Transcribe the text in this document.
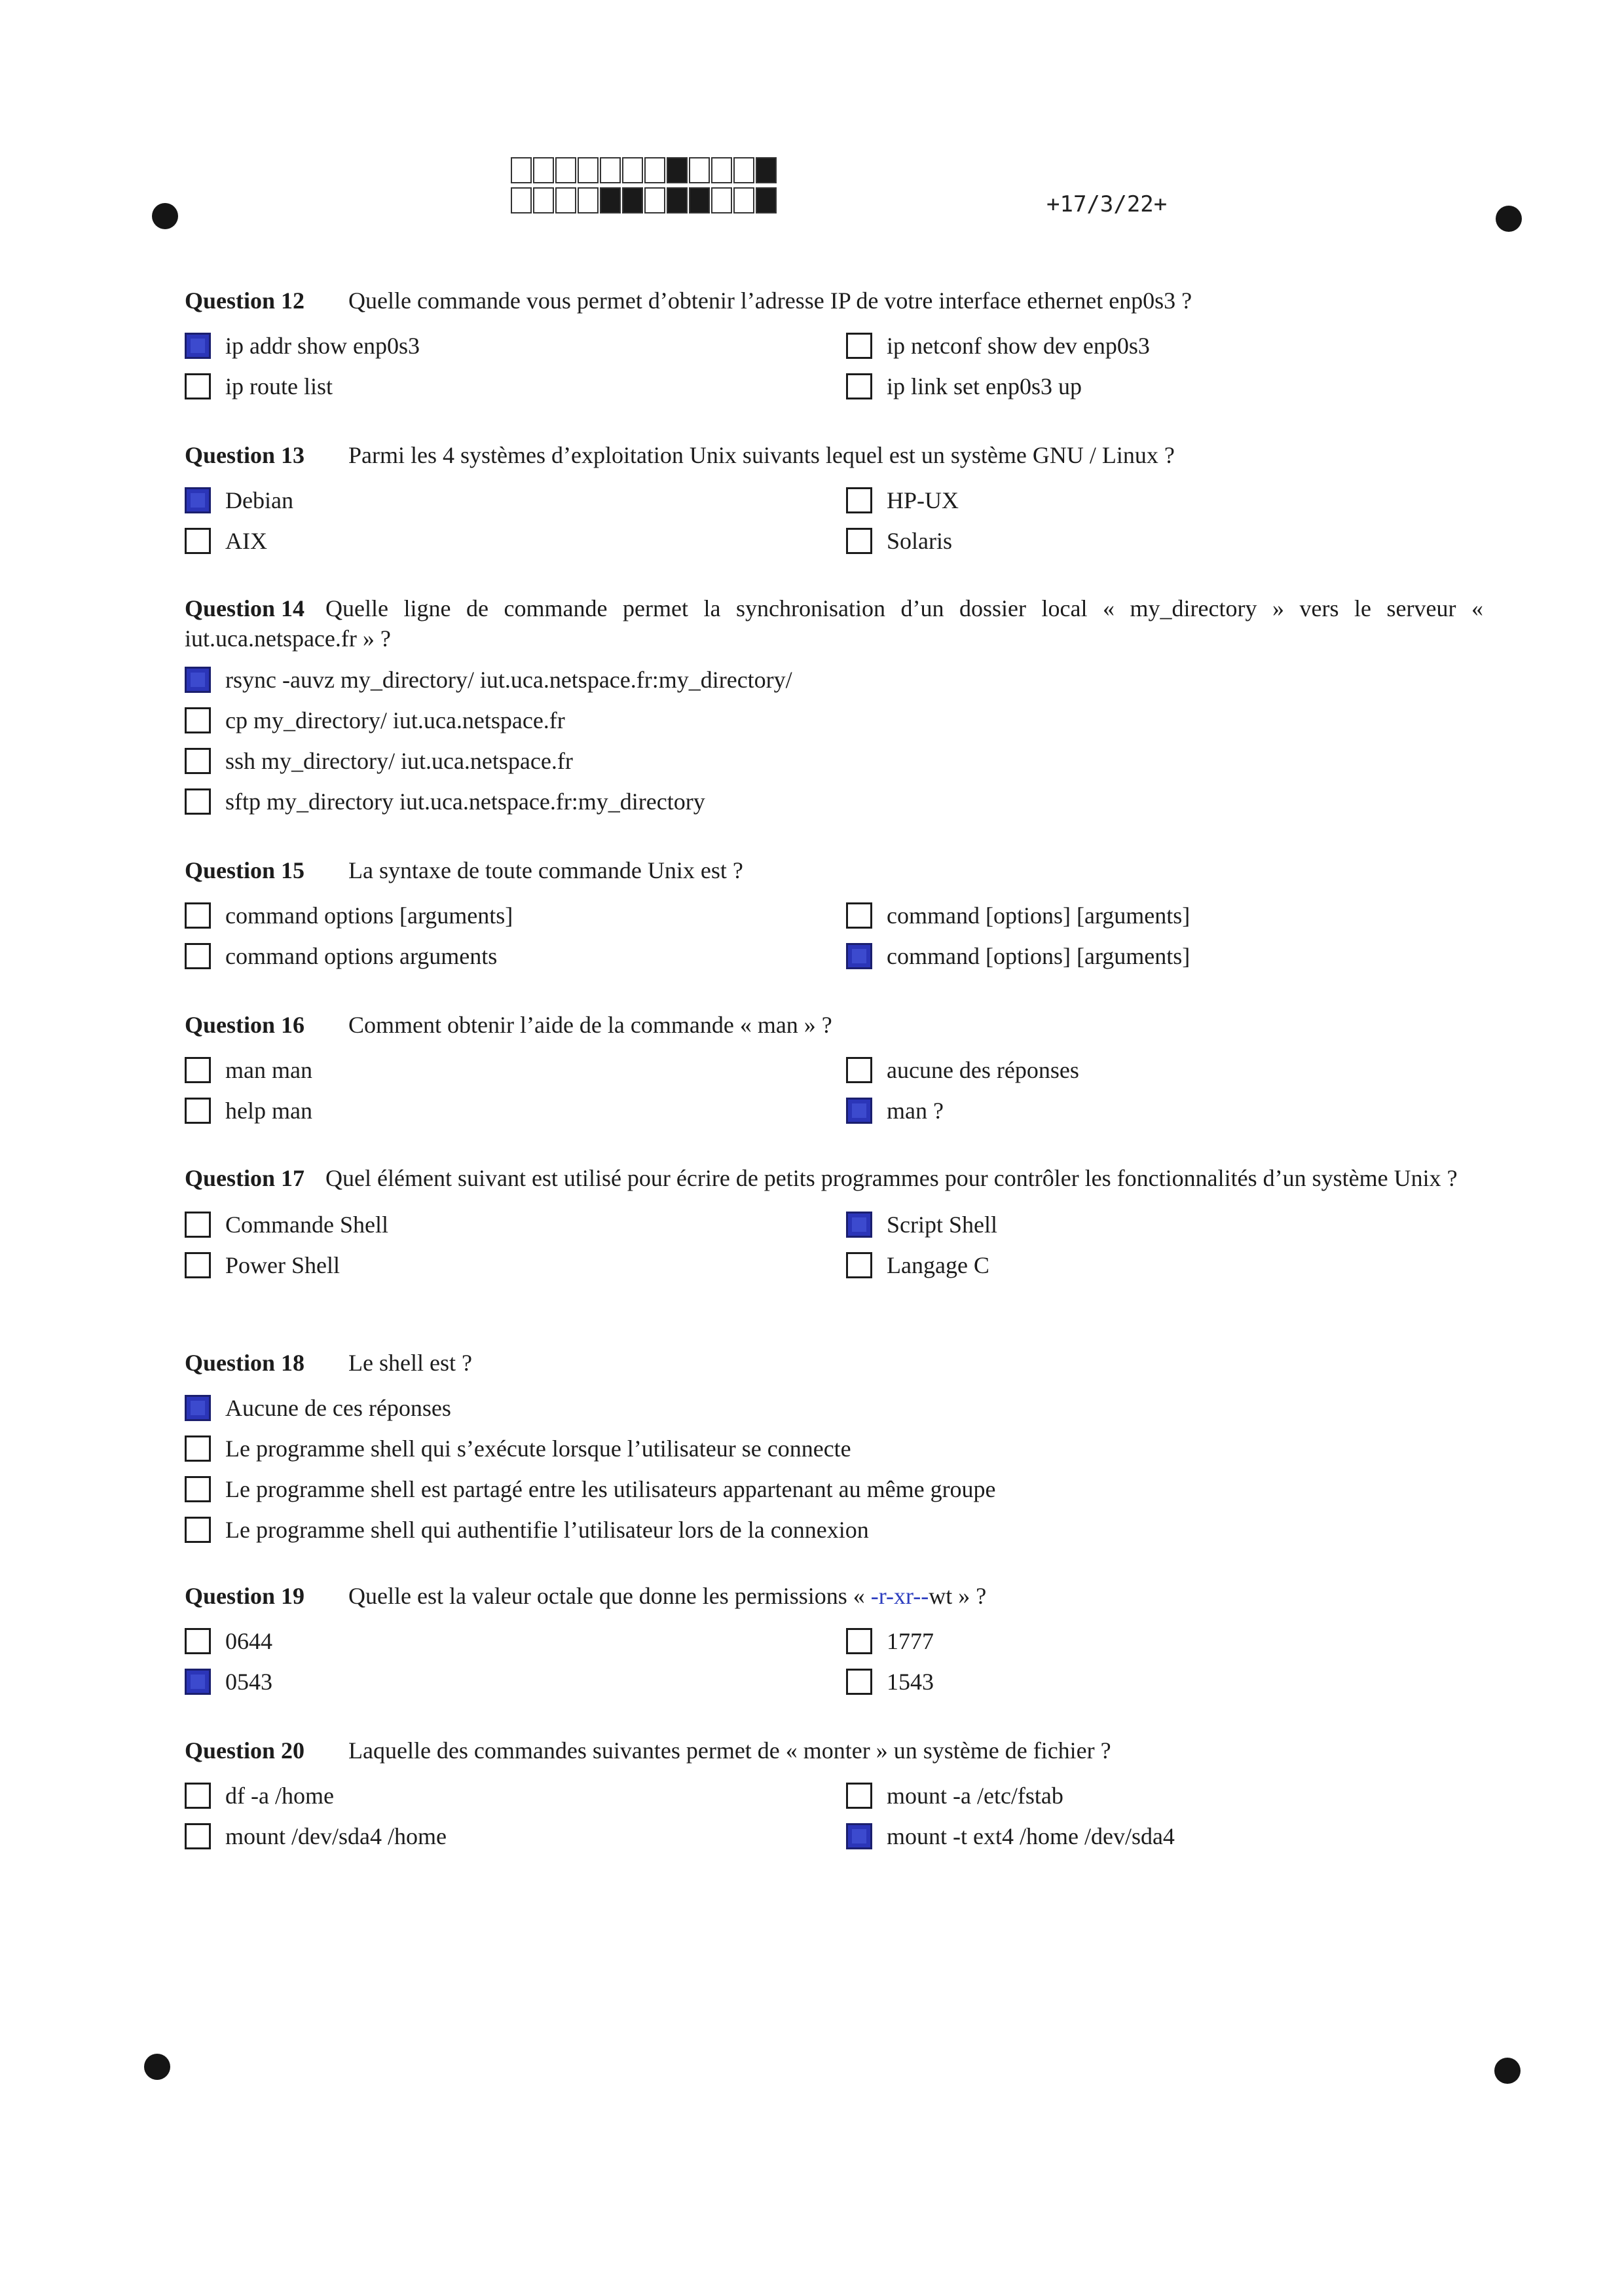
+17/3/22+

Question 12 Quelle commande vous permet d’obtenir l’adresse IP de votre interface ethernet enp0s3 ?

ip addr show enp0s3	ip netconf show dev enp0s3
ip route list	ip link set enp0s3 up

Question 13 Parmi les 4 systèmes d’exploitation Unix suivants lequel est un système GNU / Linux ?

Debian	HP-UX
AIX	Solaris

Question 14 Quelle ligne de commande permet la synchronisation d’un dossier local « my_directory » vers le serveur « iut.uca.netspace.fr » ?

rsync -auvz my_directory/ iut.uca.netspace.fr:my_directory/
cp my_directory/ iut.uca.netspace.fr
ssh my_directory/ iut.uca.netspace.fr
sftp my_directory iut.uca.netspace.fr:my_directory

Question 15 La syntaxe de toute commande Unix est ?

command options [arguments]	command [options] [arguments]
command options arguments	command [options] [arguments]

Question 16 Comment obtenir l’aide de la commande « man » ?

man man	aucune des réponses
help man	man ?

Question 17 Quel élément suivant est utilisé pour écrire de petits programmes pour contrôler les fonctionnalités d’un système Unix ?

Commande Shell	Script Shell
Power Shell	Langage C

Question 18 Le shell est ?

Aucune de ces réponses
Le programme shell qui s’exécute lorsque l’utilisateur se connecte
Le programme shell est partagé entre les utilisateurs appartenant au même groupe
Le programme shell qui authentifie l’utilisateur lors de la connexion

Question 19 Quelle est la valeur octale que donne les permissions « -r-xr--wt » ?

0644	1777
0543	1543

Question 20 Laquelle des commandes suivantes permet de « monter » un système de fichier ?

df -a /home	mount -a /etc/fstab
mount /dev/sda4 /home	mount -t ext4 /home /dev/sda4
